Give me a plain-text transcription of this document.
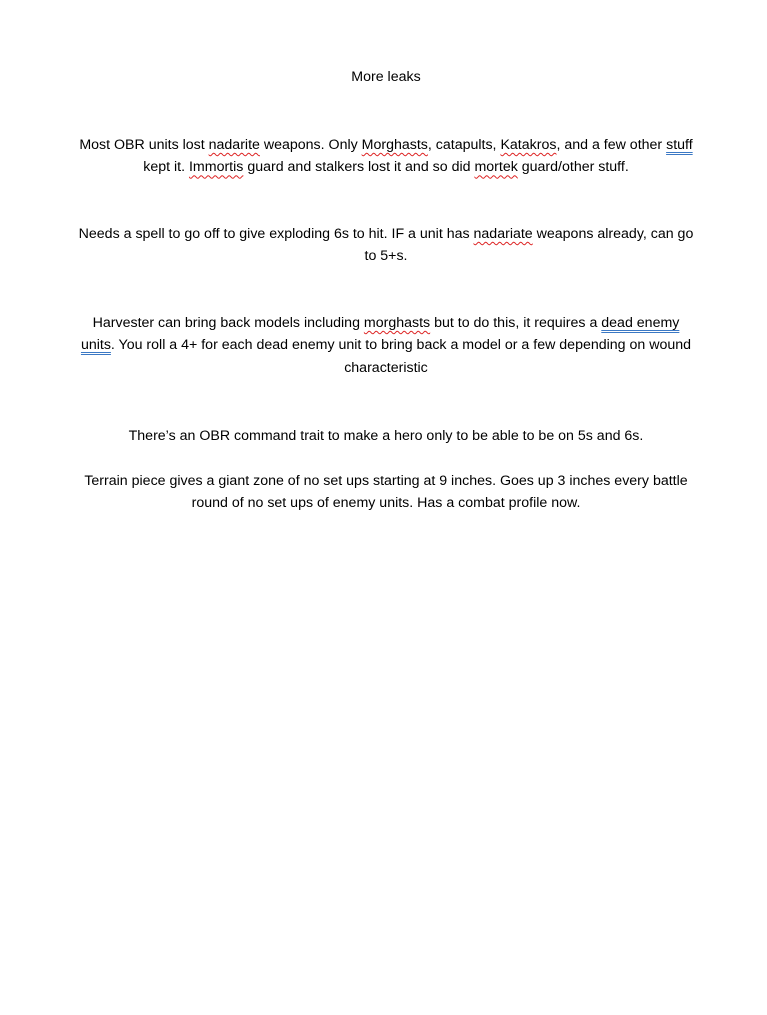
More leaks

Most OBR units lost nadarite weapons. Only Morghasts, catapults, Katakros, and a few other stuff kept it. Immortis guard and stalkers lost it and so did mortek guard/other stuff.

Needs a spell to go off to give exploding 6s to hit. IF a unit has nadariate weapons already, can go to 5+s.

Harvester can bring back models including morghasts but to do this, it requires a dead enemy units. You roll a 4+ for each dead enemy unit to bring back a model or a few depending on wound characteristic

There’s an OBR command trait to make a hero only to be able to be on 5s and 6s.

Terrain piece gives a giant zone of no set ups starting at 9 inches. Goes up 3 inches every battle round of no set ups of enemy units. Has a combat profile now.
